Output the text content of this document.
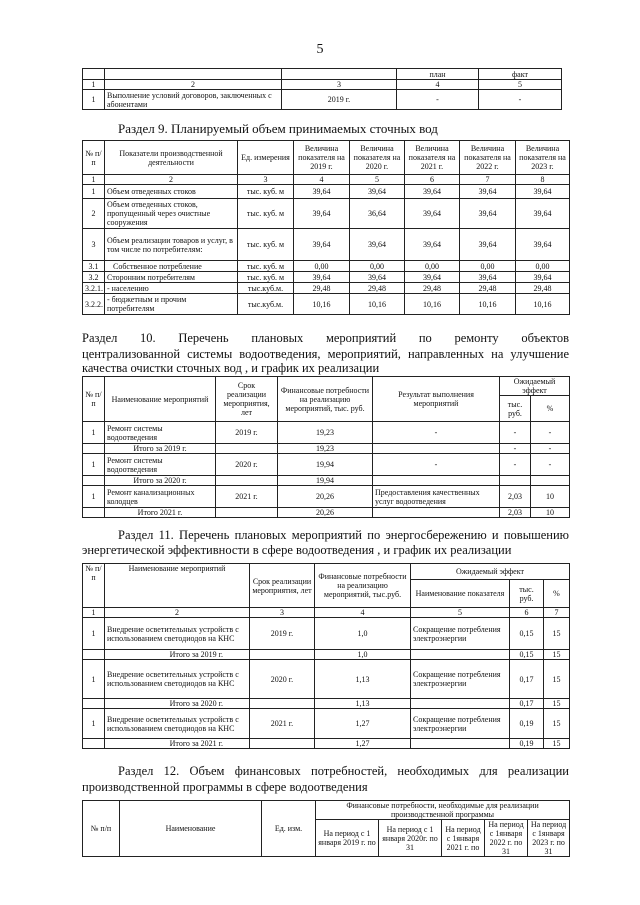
5
			план	факт
1	2	3	4	5
1	Выполнение условий договоров, заключенных с абонентами	2019 г.	-	-
Раздел 9. Планируемый объем принимаемых сточных вод
№ п/ п	Показатели производственной деятельности	Ед. измерения	Величина показателя на 2019 г.	Величина показателя на 2020 г.	Величина показателя на 2021 г.	Величина показателя на 2022 г.	Величина показателя на 2023 г.
1	2	3	4	5	6	7	8
1	Объем отведенных стоков	тыс. куб. м	39,64	39,64	39,64	39,64	39,64
2	Объем отведенных стоков, пропущенный через очистные сооружения	тыс. куб. м	39,64	36,64	39,64	39,64	39,64
3	Объем реализации товаров и услуг, в том числе по потребителям:	тыс. куб. м	39,64	39,64	39,64	39,64	39,64
3.1	Собственное потребление	тыс. куб. м	0,00	0,00	0,00	0,00	0,00
3.2	Сторонним потребителям	тыс. куб. м	39,64	39,64	39,64	39,64	39,64
3.2.1.	- населению	тыс.куб.м.	29,48	29,48	29,48	29,48	29,48
3.2.2.	- бюджетным и прочим потребителям	тыс.куб.м.	10,16	10,16	10,16	10,16	10,16
Раздел 10. Перечень плановых мероприятий по ремонту объектов
централизованной системы водоотведения, мероприятий, направленных на улучшение
качества очистки сточных вод , и график их реализации
№ п/ п	Наименование мероприятий	Срок реализации мероприятия, лет	Финансовые потребности на реализацию мероприятий, тыс. руб.	Результат выполнения мероприятий	Ожидаемый эффект	
					тыс. руб.	%
1	Ремонт системы водоотведения	2019 г.	19,23	-	-	-
	Итого за 2019 г.		19,23		-	-
1	Ремонт системы водоотведения	2020 г.	19,94	-	-	-
	Итого за 2020 г.		19,94			
1	Ремонт канализационных колодцев	2021 г.	20,26	Предоставления качественных услуг водоотведения	2,03	10
	Итого 2021 г.		20,26		2,03	10
Раздел 11. Перечень плановых мероприятий по энергосбережению и повышению
энергетической эффективности в сфере водоотведения , и график их реализации
№ п/п	Наименование мероприятий	Срок реализации мероприятия, лет	Финансовые потребности на реализацию мероприятий, тыс.руб.	Ожидаемый эффект		
				Наименование показателя	тыс. руб.	%
1	2	3	4	5	6	7
1	Внедрение осветительных устройств с использованием светодиодов на КНС	2019 г.	1,0	Сокращение потребления электроэнергии	0,15	15
	Итого за 2019 г.		1,0		0,15	15
1	Внедрение осветительных устройств с использованием светодиодов на КНС	2020 г.	1,13	Сокращение потребления электроэнергии	0,17	15
	Итого за 2020 г.		1,13		0,17	15
1	Внедрение осветительных устройств с использованием светодиодов на КНС	2021 г.	1,27	Сокращение потребления электроэнергии	0,19	15
	Итого за 2021 г.		1,27		0,19	15
Раздел 12. Объем финансовых потребностей, необходимых для реализации
производственной программы в сфере водоотведения
№ п/п	Наименование	Ед. изм.	Финансовые потребности, необходимые для реализации производственной программы				
			На период с 1 января 2019 г. по	На период с 1 января 2020г. по 31	На период с 1января 2021 г. по	На период с 1января 2022 г. по 31	На период с 1января 2023 г. по 31
